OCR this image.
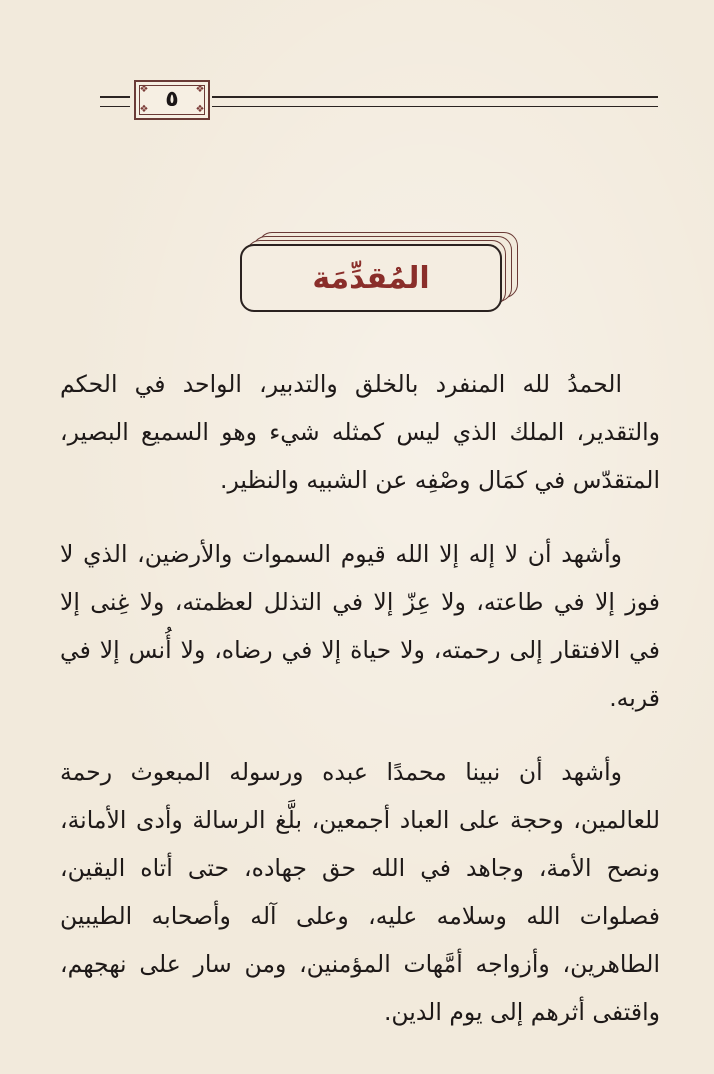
❖	❖
❖	❖
٥
المُقدِّمَة

الحمدُ لله المنفرد بالخلق والتدبير، الواحد في الحكم والتقدير، الملك الذي ليس كمثله شيء وهو السميع البصير، المتقدّس في كمَال وصْفِه عن الشبيه والنظير.

وأشهد أن لا إله إلا الله قيوم السموات والأرضين، الذي لا فوز إلا في طاعته، ولا عِزّ إلا في التذلل لعظمته، ولا غِنى إلا في الافتقار إلى رحمته، ولا حياة إلا في رضاه، ولا أُنس إلا في قربه.

وأشهد أن نبينا محمدًا عبده ورسوله المبعوث رحمة للعالمين، وحجة على العباد أجمعين، بلَّغ الرسالة وأدى الأمانة، ونصح الأمة، وجاهد في الله حق جهاده، حتى أتاه اليقين، فصلوات الله وسلامه عليه، وعلى آله وأصحابه الطيبين الطاهرين، وأزواجه أمَّهات المؤمنين، ومن سار على نهجهم، واقتفى أثرهم إلى يوم الدين.
